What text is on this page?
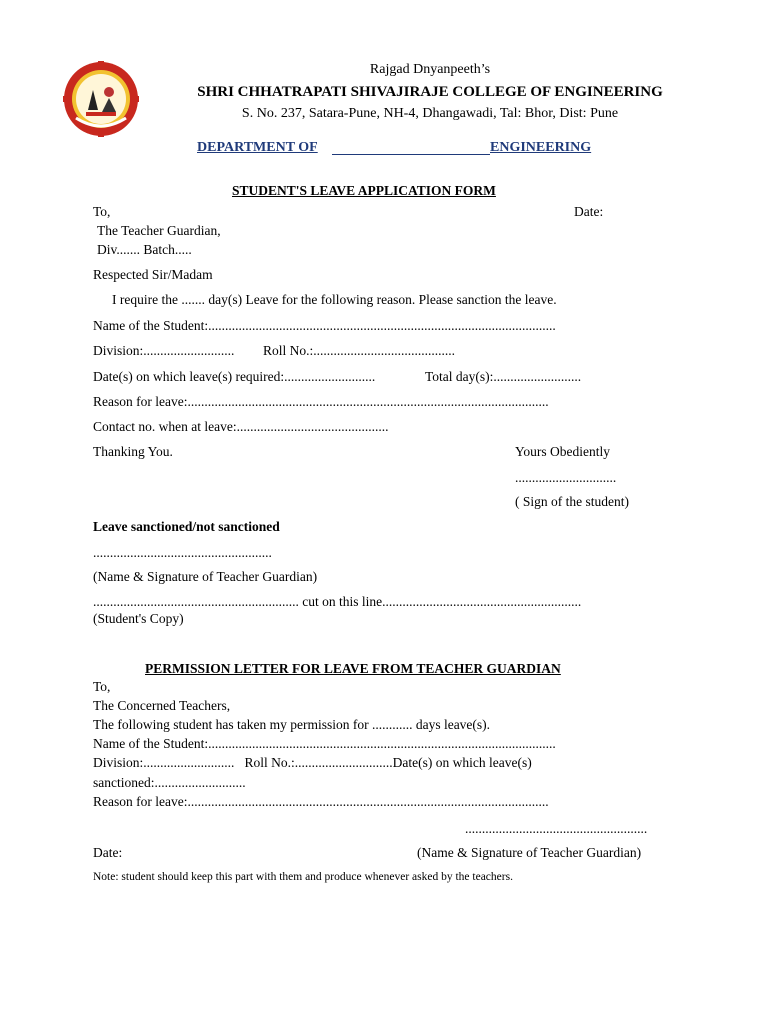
Rajgad Dnyanpeeth’s
SHRI CHHATRAPATI SHIVAJIRAJE COLLEGE OF ENGINEERING
S. No. 237, Satara-Pune, NH-4, Dhangawadi, Tal: Bhor, Dist: Pune
DEPARTMENT OF	ENGINEERING
STUDENT'S LEAVE APPLICATION FORM
To,	Date:
The Teacher Guardian,
Div....... Batch.....
Respected Sir/Madam
I require the ....... day(s) Leave for the following reason. Please sanction the leave.
Name of the Student:.......................................................................................................
Division:........................... Roll No.:..........................................
Date(s) on which leave(s) required:...........................	Total day(s):..........................
Reason for leave:...........................................................................................................
Contact no. when at leave:.............................................
Thanking You.	Yours Obediently
..............................
( Sign of the student)
Leave sanctioned/not sanctioned
.....................................................
(Name & Signature of Teacher Guardian)
............................................................. cut on this line...........................................................
(Student's Copy)
PERMISSION LETTER FOR LEAVE FROM TEACHER GUARDIAN
To,
The Concerned Teachers,
The following student has taken my permission for ............ days leave(s).
Name of the Student:.......................................................................................................
Division:...........................   Roll No.:.............................Date(s) on which leave(s)
sanctioned:...........................
Reason for leave:...........................................................................................................
......................................................
Date:	(Name & Signature of Teacher Guardian)
Note: student should keep this part with them and produce whenever asked by the teachers.
